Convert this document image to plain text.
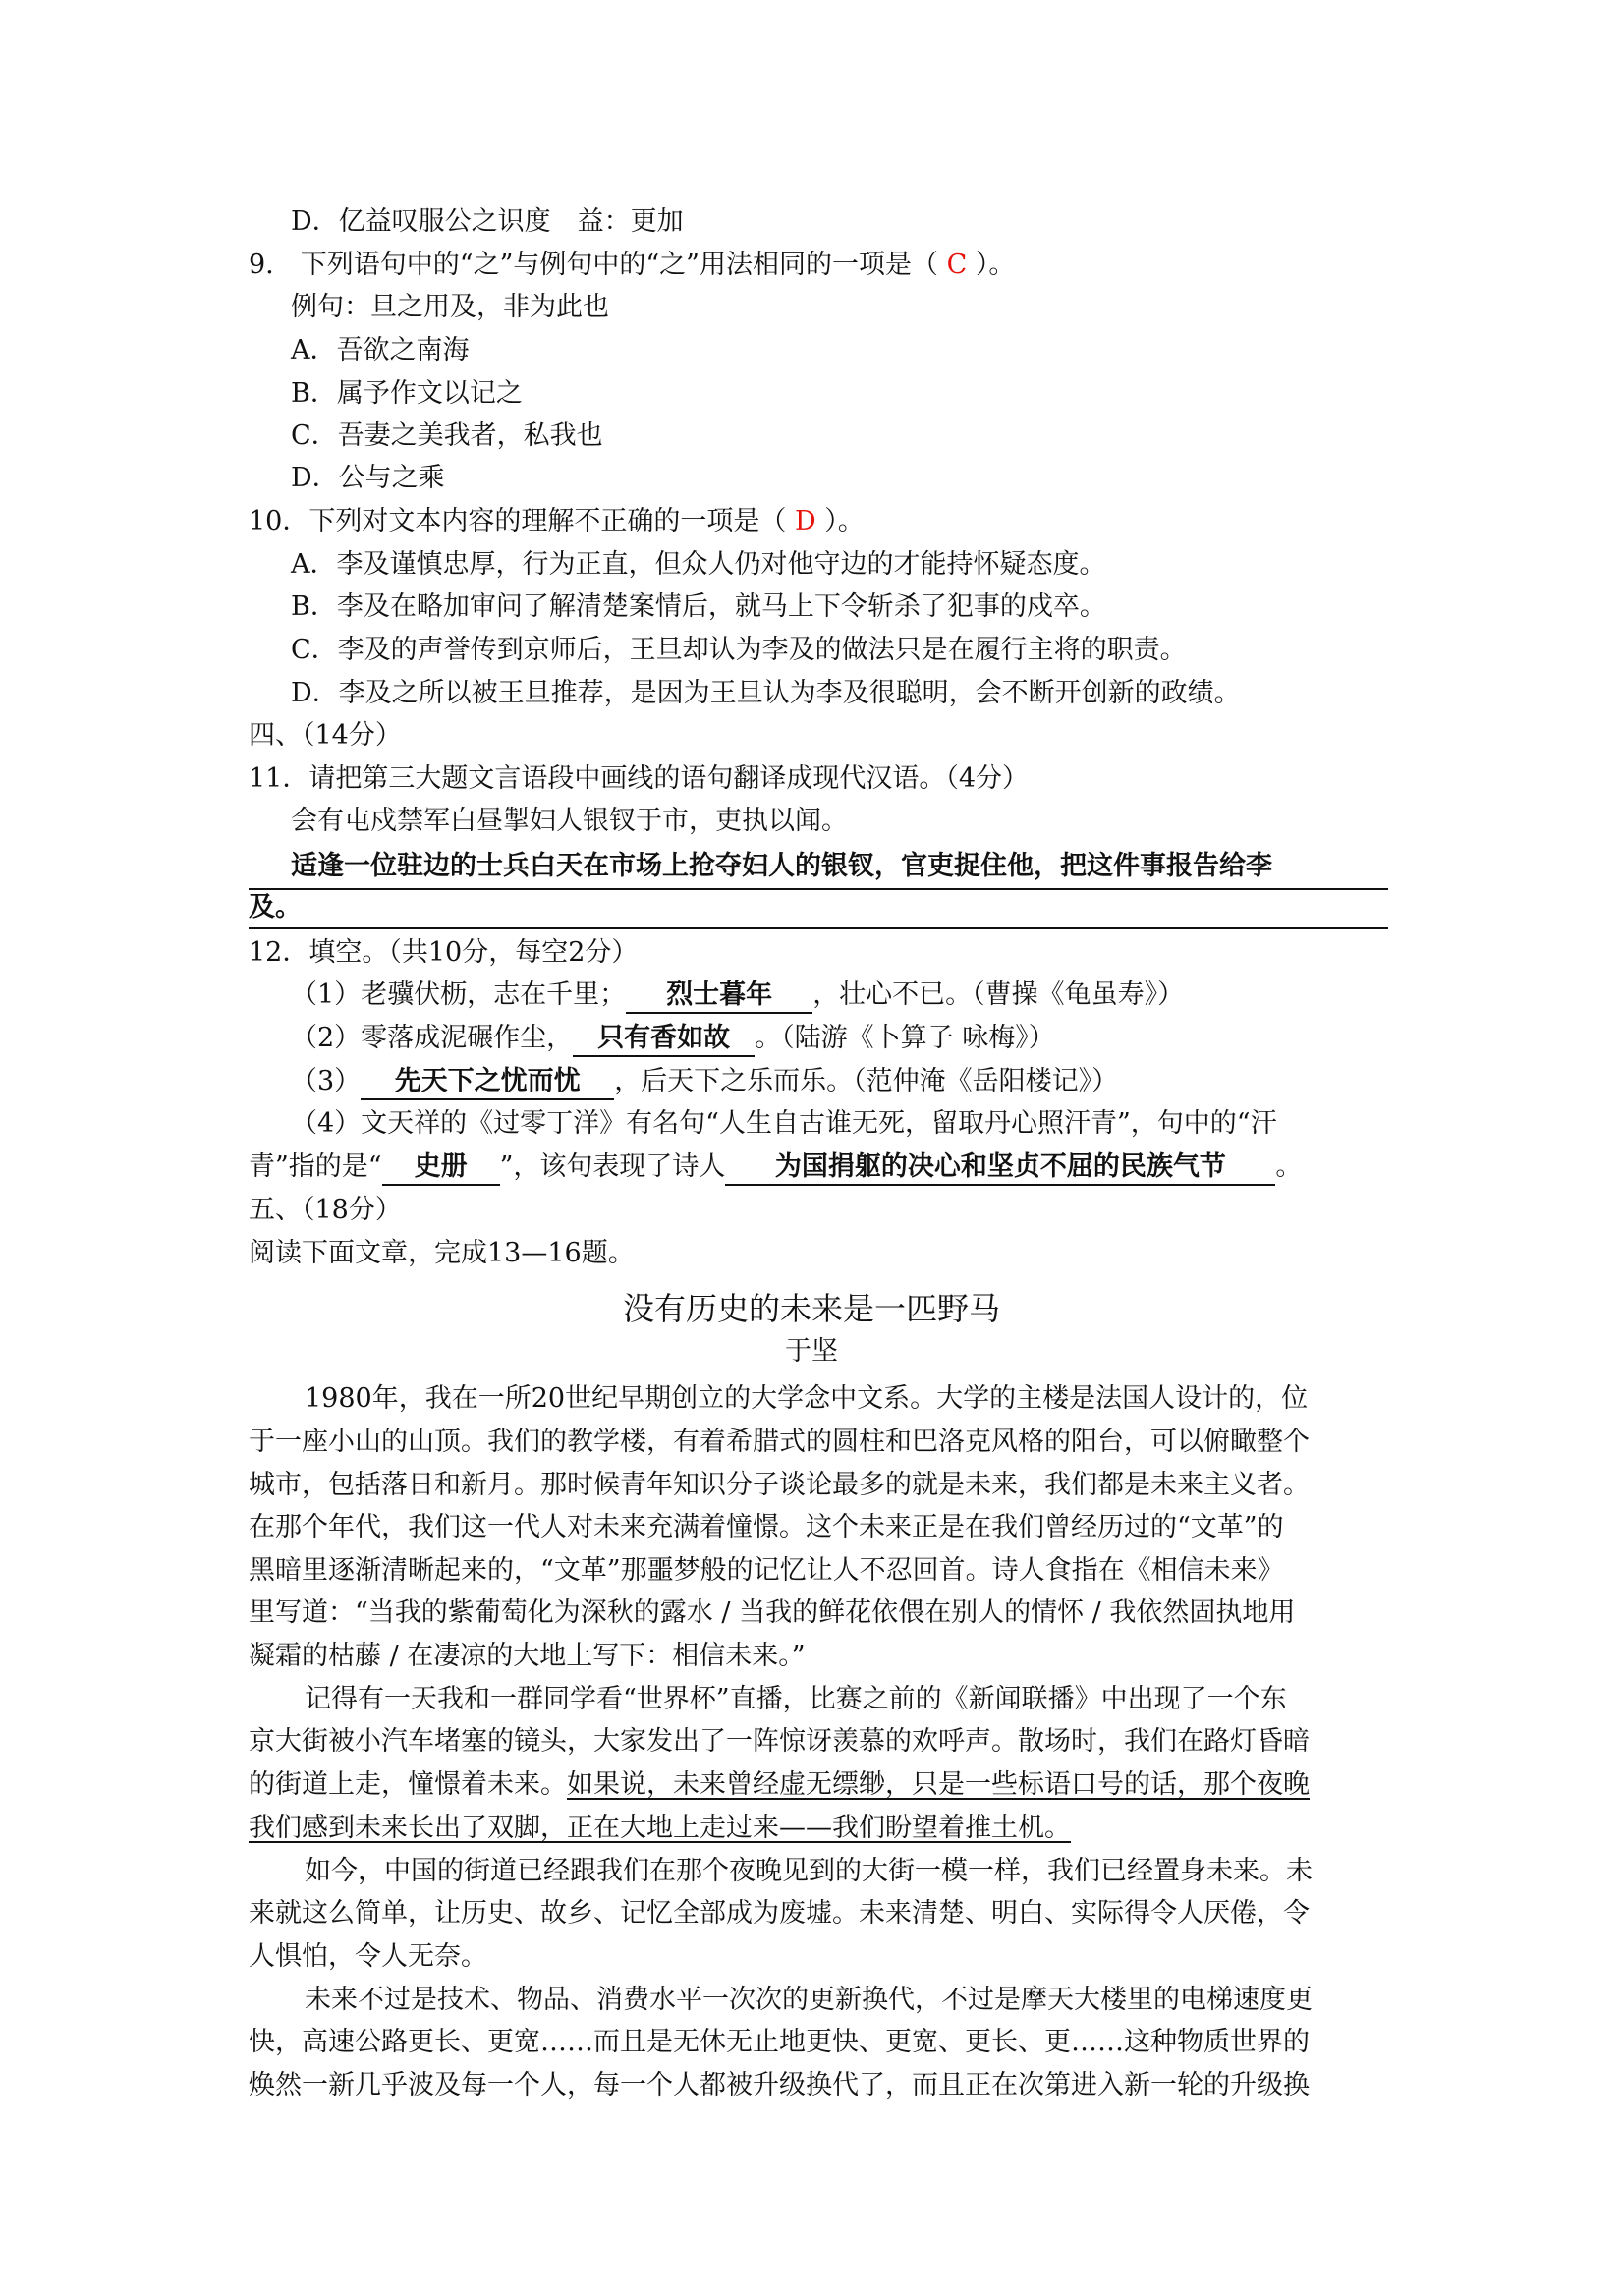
D．亿益叹服公之识度　益：更加
9.　下列语句中的“之”与例句中的“之”用法相同的一项是（ C ）。
例句：旦之用及，非为此也
A．吾欲之南海
B．属予作文以记之
C．吾妻之美我者，私我也
D．公与之乘
10．下列对文本内容的理解不正确的一项是（ D ）。
A．李及谨慎忠厚，行为正直，但众人仍对他守边的才能持怀疑态度。
B．李及在略加审问了解清楚案情后，就马上下令斩杀了犯事的戍卒。
C．李及的声誉传到京师后，王旦却认为李及的做法只是在履行主将的职责。
D．李及之所以被王旦推荐，是因为王旦认为李及很聪明，会不断开创新的政绩。
四、（14分）
11．请把第三大题文言语段中画线的语句翻译成现代汉语。（4分）
会有屯戍禁军白昼掣妇人银钗于市，吏执以闻。
适逢一位驻边的士兵白天在市场上抢夺妇人的银钗，官吏捉住他，把这件事报告给李
及。
12．填空。（共10分，每空2分）
（1）老骥伏枥，志在千里； 烈士暮年 ，壮心不已。（曹操《龟虽寿》）
（2）零落成泥碾作尘， 只有香如故 。（陆游《卜算子 咏梅》）
（3） 先天下之忧而忧 ，后天下之乐而乐。（范仲淹《岳阳楼记》）
（4）文天祥的《过零丁洋》有名句“人生自古谁无死，留取丹心照汗青”，句中的“汗
青”指的是“ 史册 ”，该句表现了诗人 为国捐躯的决心和坚贞不屈的民族气节 。
五、（18分）
阅读下面文章，完成13—16题。
没有历史的未来是一匹野马
于坚
1980年，我在一所20世纪早期创立的大学念中文系。大学的主楼是法国人设计的，位
于一座小山的山顶。我们的教学楼，有着希腊式的圆柱和巴洛克风格的阳台，可以俯瞰整个
城市，包括落日和新月。那时候青年知识分子谈论最多的就是未来，我们都是未来主义者。
在那个年代，我们这一代人对未来充满着憧憬。这个未来正是在我们曾经历过的“文革”的
黑暗里逐渐清晰起来的，“文革”那噩梦般的记忆让人不忍回首。诗人食指在《相信未来》
里写道：“当我的紫葡萄化为深秋的露水 / 当我的鲜花依偎在别人的情怀 / 我依然固执地用
凝霜的枯藤 / 在凄凉的大地上写下：相信未来。”
记得有一天我和一群同学看“世界杯”直播，比赛之前的《新闻联播》中出现了一个东
京大街被小汽车堵塞的镜头，大家发出了一阵惊讶羡慕的欢呼声。散场时，我们在路灯昏暗
的街道上走，憧憬着未来。如果说，未来曾经虚无缥缈，只是一些标语口号的话，那个夜晚
我们感到未来长出了双脚，正在大地上走过来——我们盼望着推土机。
如今，中国的街道已经跟我们在那个夜晚见到的大街一模一样，我们已经置身未来。未
来就这么简单，让历史、故乡、记忆全部成为废墟。未来清楚、明白、实际得令人厌倦，令
人惧怕，令人无奈。
未来不过是技术、物品、消费水平一次次的更新换代，不过是摩天大楼里的电梯速度更
快，高速公路更长、更宽……而且是无休无止地更快、更宽、更长、更……这种物质世界的
焕然一新几乎波及每一个人，每一个人都被升级换代了，而且正在次第进入新一轮的升级换
